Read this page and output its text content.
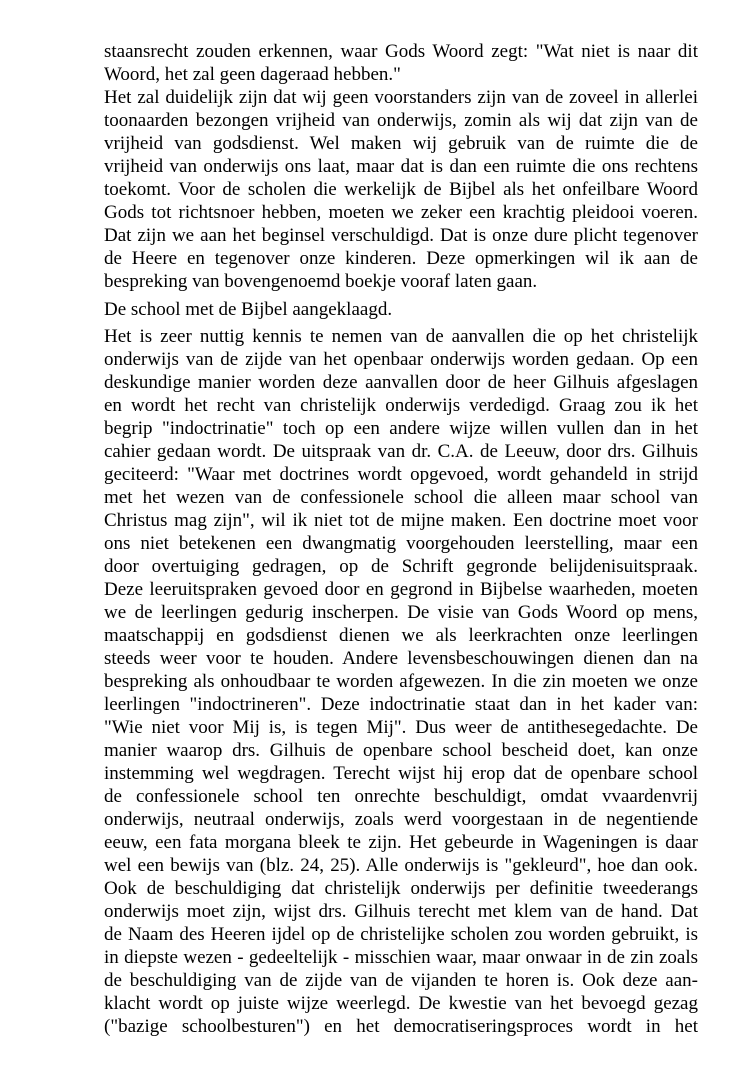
staansrecht zouden erkennen, waar Gods Woord zegt: "Wat niet is naar dit
Woord, het zal geen dageraad hebben."
Het zal duidelijk zijn dat wij geen voorstanders zijn van de zoveel in allerlei
toonaarden bezongen vrijheid van onderwijs, zomin als wij dat zijn van de
vrijheid van godsdienst. Wel maken wij gebruik van de ruimte die de
vrijheid van onderwijs ons laat, maar dat is dan een ruimte die ons rechtens
toekomt. Voor de scholen die werkelijk de Bijbel als het onfeilbare Woord
Gods tot richtsnoer hebben, moeten we zeker een krachtig pleidooi voeren.
Dat zijn we aan het beginsel verschuldigd. Dat is onze dure plicht tegenover
de Heere en tegenover onze kinderen. Deze opmerkingen wil ik aan de
bespreking van bovengenoemd boekje vooraf laten gaan.
De school met de Bijbel aangeklaagd.
Het is zeer nuttig kennis te nemen van de aanvallen die op het christelijk
onderwijs van de zijde van het openbaar onderwijs worden gedaan. Op een
deskundige manier worden deze aanvallen door de heer Gilhuis afgeslagen
en wordt het recht van christelijk onderwijs verdedigd. Graag zou ik het
begrip "indoctrinatie" toch op een andere wijze willen vullen dan in het
cahier gedaan wordt. De uitspraak van dr. C.A. de Leeuw, door drs. Gilhuis
geciteerd: "Waar met doctrines wordt opgevoed, wordt gehandeld in strijd
met het wezen van de confessionele school die alleen maar school van
Christus mag zijn", wil ik niet tot de mijne maken. Een doctrine moet voor
ons niet betekenen een dwangmatig voorgehouden leerstelling, maar een
door overtuiging gedragen, op de Schrift gegronde belijdenisuitspraak.
Deze leeruitspraken gevoed door en gegrond in Bijbelse waarheden, moeten
we de leerlingen gedurig inscherpen. De visie van Gods Woord op mens,
maatschappij en godsdienst dienen we als leerkrachten onze leerlingen
steeds weer voor te houden. Andere levensbeschouwingen dienen dan na
bespreking als onhoudbaar te worden afgewezen. In die zin moeten we onze
leerlingen "indoctrineren". Deze indoctrinatie staat dan in het kader van:
"Wie niet voor Mij is, is tegen Mij". Dus weer de antithesegedachte. De
manier waarop drs. Gilhuis de openbare school bescheid doet, kan onze
instemming wel wegdragen. Terecht wijst hij erop dat de openbare school
de confessionele school ten onrechte beschuldigt, omdat vvaardenvrij
onderwijs, neutraal onderwijs, zoals werd voorgestaan in de negentiende
eeuw, een fata morgana bleek te zijn. Het gebeurde in Wageningen is daar
wel een bewijs van (blz. 24, 25). Alle onderwijs is "gekleurd", hoe dan ook.
Ook de beschuldiging dat christelijk onderwijs per definitie tweederangs
onderwijs moet zijn, wijst drs. Gilhuis terecht met klem van de hand. Dat
de Naam des Heeren ijdel op de christelijke scholen zou worden gebruikt, is
in diepste wezen - gedeeltelijk - misschien waar, maar onwaar in de zin zoals
de beschuldiging van de zijde van de vijanden te horen is. Ook deze aan-
klacht wordt op juiste wijze weerlegd. De kwestie van het bevoegd gezag
("bazige schoolbesturen") en het democratiseringsproces wordt in het
